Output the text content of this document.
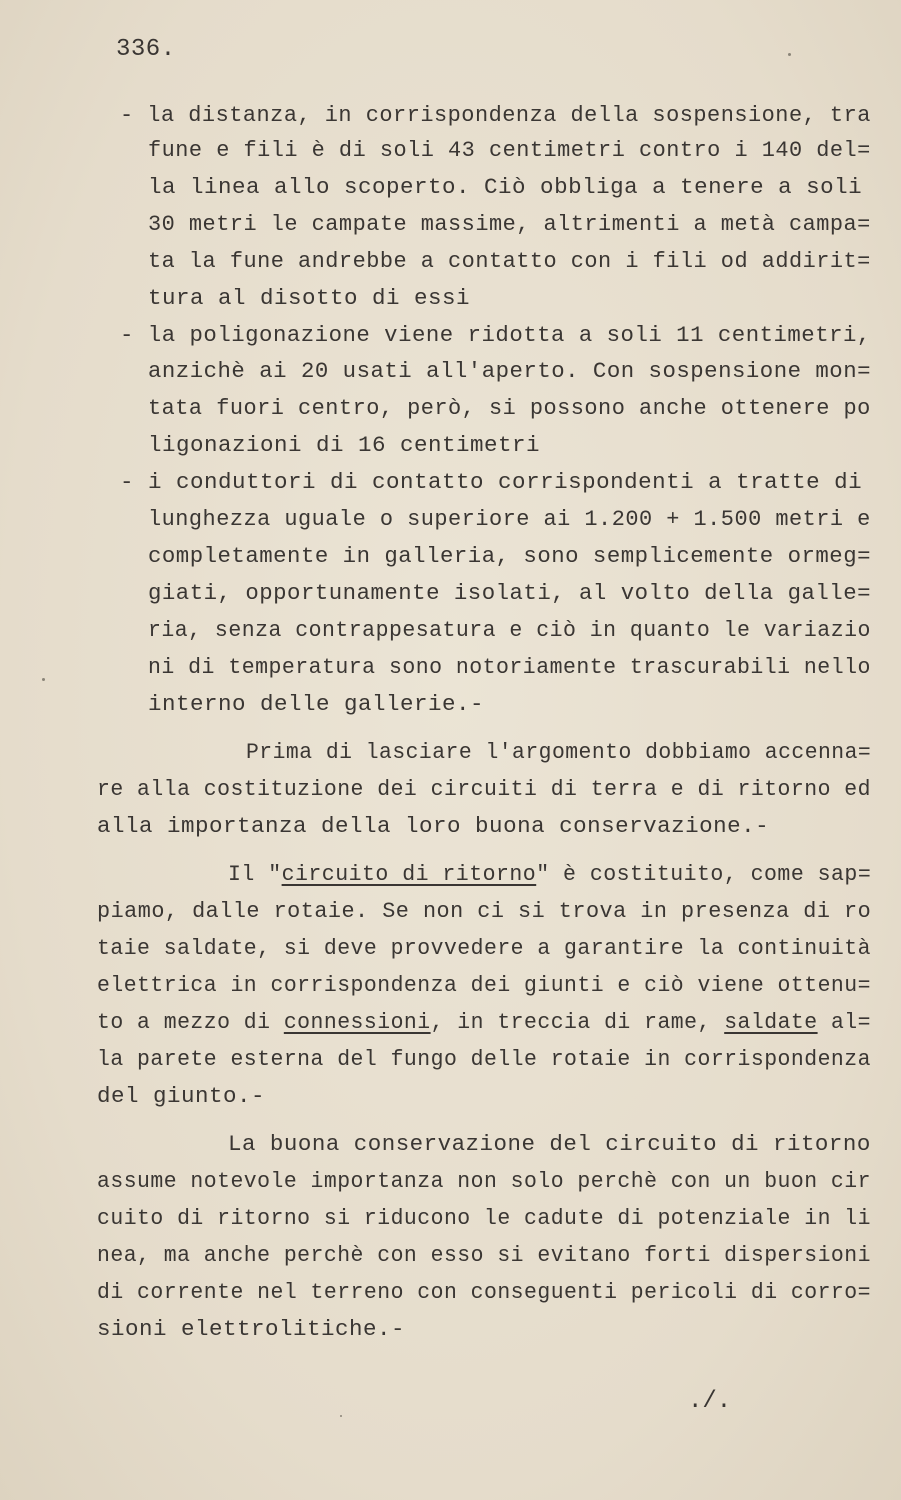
336.
- la distanza, in corrispondenza della sospensione, tra
fune e fili è di soli 43 centimetri contro i 140 del=
la linea allo scoperto. Ciò obbliga a tenere a soli
30 metri le campate massime, altrimenti a metà campa=
ta la fune andrebbe a contatto con i fili od addirit=
tura al disotto di essi
- la poligonazione viene ridotta a soli 11 centimetri,
anzichè ai 20 usati all'aperto. Con sospensione mon=
tata fuori centro, però, si possono anche ottenere po
ligonazioni di 16 centimetri
- i conduttori di contatto corrispondenti a tratte di
lunghezza uguale o superiore ai 1.200 + 1.500 metri e
completamente in galleria, sono semplicemente ormeg=
giati, opportunamente isolati, al volto della galle=
ria, senza contrappesatura e ciò in quanto le variazio
ni di temperatura sono notoriamente trascurabili nello
interno delle gallerie.-
Prima di lasciare l'argomento dobbiamo accenna=
re alla costituzione dei circuiti di terra e di ritorno ed
alla importanza della loro buona conservazione.-
Il "circuito di ritorno" è costituito, come sap=
piamo, dalle rotaie. Se non ci si trova in presenza di ro
taie saldate, si deve provvedere a garantire la continuità
elettrica in corrispondenza dei giunti e ciò viene ottenu=
to a mezzo di connessioni, in treccia di rame, saldate al=
la parete esterna del fungo delle rotaie in corrispondenza
del giunto.-
La buona conservazione del circuito di ritorno
assume notevole importanza non solo perchè con un buon cir
cuito di ritorno si riducono le cadute di potenziale in li
nea, ma anche perchè con esso si evitano forti dispersioni
di corrente nel terreno con conseguenti pericoli di corro=
sioni elettrolitiche.-
./.
